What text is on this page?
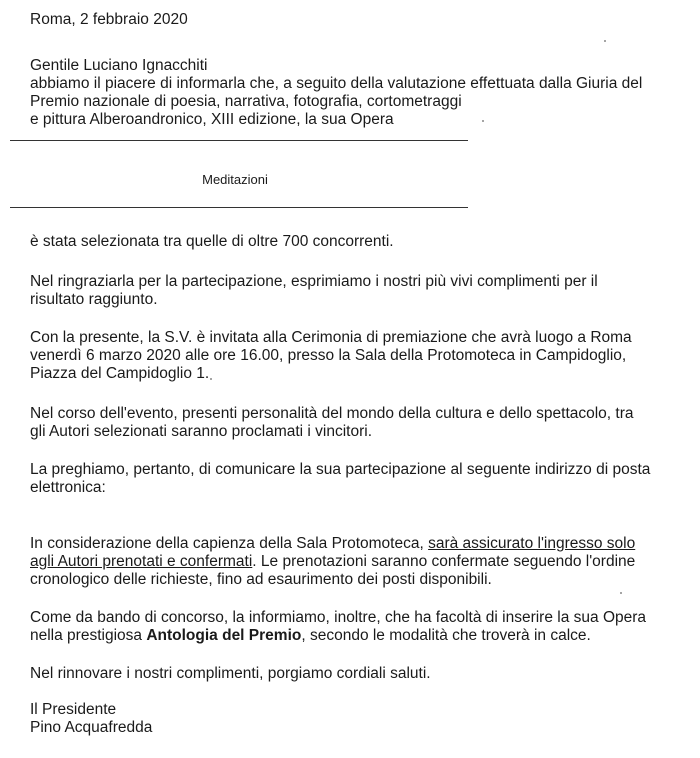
Roma, 2 febbraio 2020
Gentile Luciano Ignacchiti
abbiamo il piacere di informarla che, a seguito della valutazione effettuata dalla Giuria del
Premio nazionale di poesia, narrativa, fotografia, cortometraggi
e pittura Alberoandronico, XIII edizione, la sua Opera
Meditazioni
è stata selezionata tra quelle di oltre 700 concorrenti.
Nel ringraziarla per la partecipazione, esprimiamo i nostri più vivi complimenti per il
risultato raggiunto.
Con la presente, la S.V. è invitata alla Cerimonia di premiazione che avrà luogo a Roma
venerdì 6 marzo 2020 alle ore 16.00, presso la Sala della Protomoteca in Campidoglio,
Piazza del Campidoglio 1.
Nel corso dell'evento, presenti personalità del mondo della cultura e dello spettacolo, tra
gli Autori selezionati saranno proclamati i vincitori.
La preghiamo, pertanto, di comunicare la sua partecipazione al seguente indirizzo di posta
elettronica:
In considerazione della capienza della Sala Protomoteca, sarà assicurato l'ingresso solo
agli Autori prenotati e confermati. Le prenotazioni saranno confermate seguendo l'ordine
cronologico delle richieste, fino ad esaurimento dei posti disponibili.
Come da bando di concorso, la informiamo, inoltre, che ha facoltà di inserire la sua Opera
nella prestigiosa Antologia del Premio, secondo le modalità che troverà in calce.
Nel rinnovare i nostri complimenti, porgiamo cordiali saluti.
Il Presidente
Pino Acquafredda
